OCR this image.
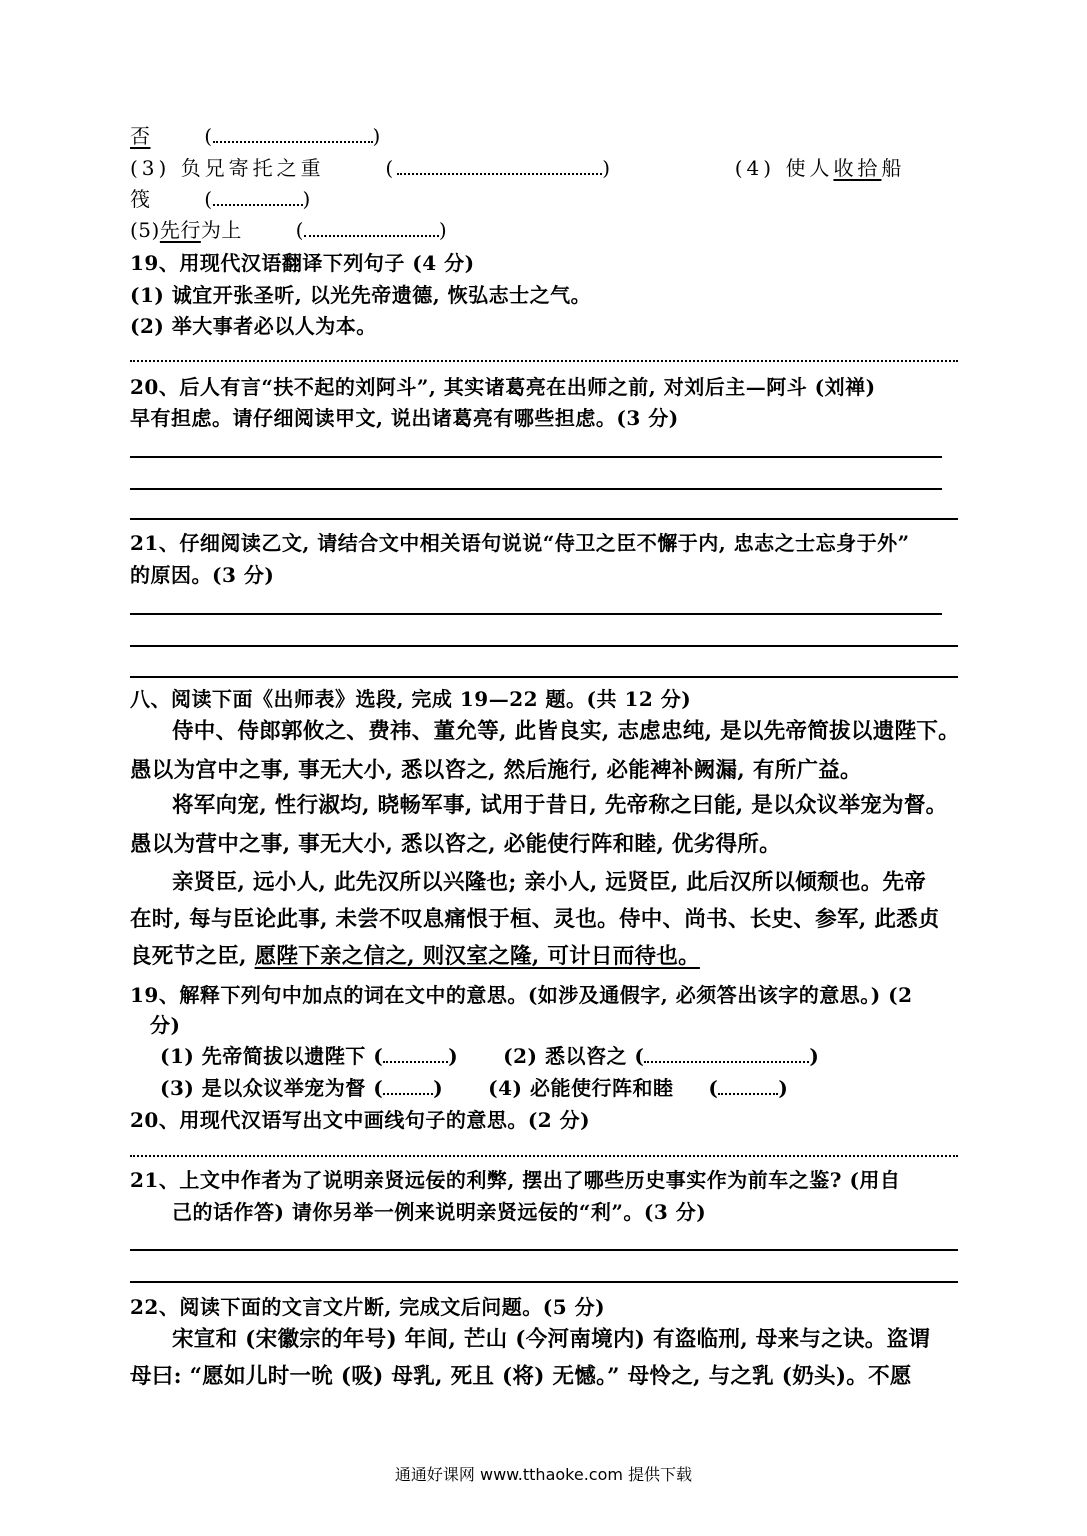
否	(	)
(3) 负兄寄托之重	(	)	(4) 使人收拾船
筏	(	)
(5)先行为上	(	)
19、用现代汉语翻译下列句子 (4 分)
(1) 诚宜开张圣听, 以光先帝遗德, 恢弘志士之气。
(2) 举大事者必以人为本。
20、后人有言“扶不起的刘阿斗”, 其实诸葛亮在出师之前, 对刘后主—阿斗 (刘禅)
早有担虑。请仔细阅读甲文, 说出诸葛亮有哪些担虑。(3 分)
21、仔细阅读乙文, 请结合文中相关语句说说“侍卫之臣不懈于内, 忠志之士忘身于外”
的原因。(3 分)
八、阅读下面《出师表》选段, 完成 19—22 题。(共 12 分)
侍中、侍郎郭攸之、费祎、董允等, 此皆良实, 志虑忠纯, 是以先帝简拔以遗陛下。
愚以为宫中之事, 事无大小, 悉以咨之, 然后施行, 必能裨补阙漏, 有所广益。
将军向宠, 性行淑均, 晓畅军事, 试用于昔日, 先帝称之曰能, 是以众议举宠为督。
愚以为营中之事, 事无大小, 悉以咨之, 必能使行阵和睦, 优劣得所。
亲贤臣, 远小人, 此先汉所以兴隆也; 亲小人, 远贤臣, 此后汉所以倾颓也。先帝
在时, 每与臣论此事, 未尝不叹息痛恨于桓、灵也。侍中、尚书、长史、参军, 此悉贞
良死节之臣, 愿陛下亲之信之, 则汉室之隆, 可计日而待也。
19、解释下列句中加点的词在文中的意思。(如涉及通假字, 必须答出该字的意思。) (2
分)
(1) 先帝简拔以遗陛下 (	) (2) 悉以咨之 (	)
(3) 是以众议举宠为督 (	) (4) 必能使行阵和睦 (	)
20、用现代汉语写出文中画线句子的意思。(2 分)
21、上文中作者为了说明亲贤远佞的利弊, 摆出了哪些历史事实作为前车之鉴? (用自
己的话作答) 请你另举一例来说明亲贤远佞的“利”。(3 分)
22、阅读下面的文言文片断, 完成文后问题。(5 分)
宋宣和 (宋徽宗的年号) 年间, 芒山 (今河南境内) 有盗临刑, 母来与之诀。盗谓
母曰: “愿如儿时一吮 (吸) 母乳, 死且 (将) 无憾。” 母怜之, 与之乳 (奶头)。不愿
通通好课网 www.tthaoke.com 提供下载
